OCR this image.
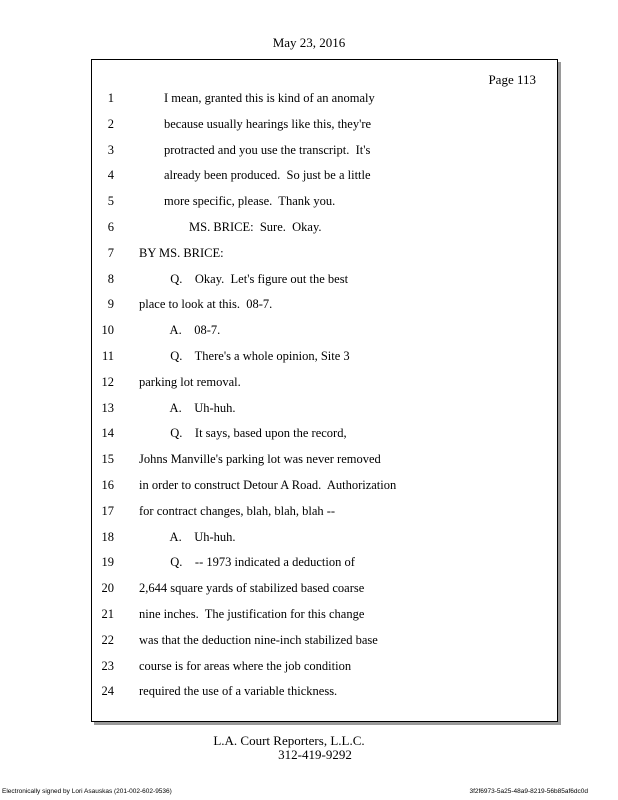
May 23, 2016
Page 113
1 I mean, granted this is kind of an anomaly
2 because usually hearings like this, they're
3 protracted and you use the transcript.  It's
4 already been produced.  So just be a little
5 more specific, please.  Thank you.
6 MS. BRICE:  Sure.  Okay.
7 BY MS. BRICE:
8 Q.    Okay.  Let's figure out the best
9 place to look at this.  08-7.
10 A.    08-7.
11 Q.    There's a whole opinion, Site 3
12 parking lot removal.
13 A.    Uh-huh.
14 Q.    It says, based upon the record,
15 Johns Manville's parking lot was never removed
16 in order to construct Detour A Road.  Authorization
17 for contract changes, blah, blah, blah --
18 A.    Uh-huh.
19 Q.    -- 1973 indicated a deduction of
20 2,644 square yards of stabilized based coarse
21 nine inches.  The justification for this change
22 was that the deduction nine-inch stabilized base
23 course is for areas where the job condition
24 required the use of a variable thickness.
L.A. Court Reporters, L.L.C.
312-419-9292
Electronically signed by Lori Asauskas (201-002-602-9536)	3f2f6973-5a25-48a9-8219-56b85af6dc0d
